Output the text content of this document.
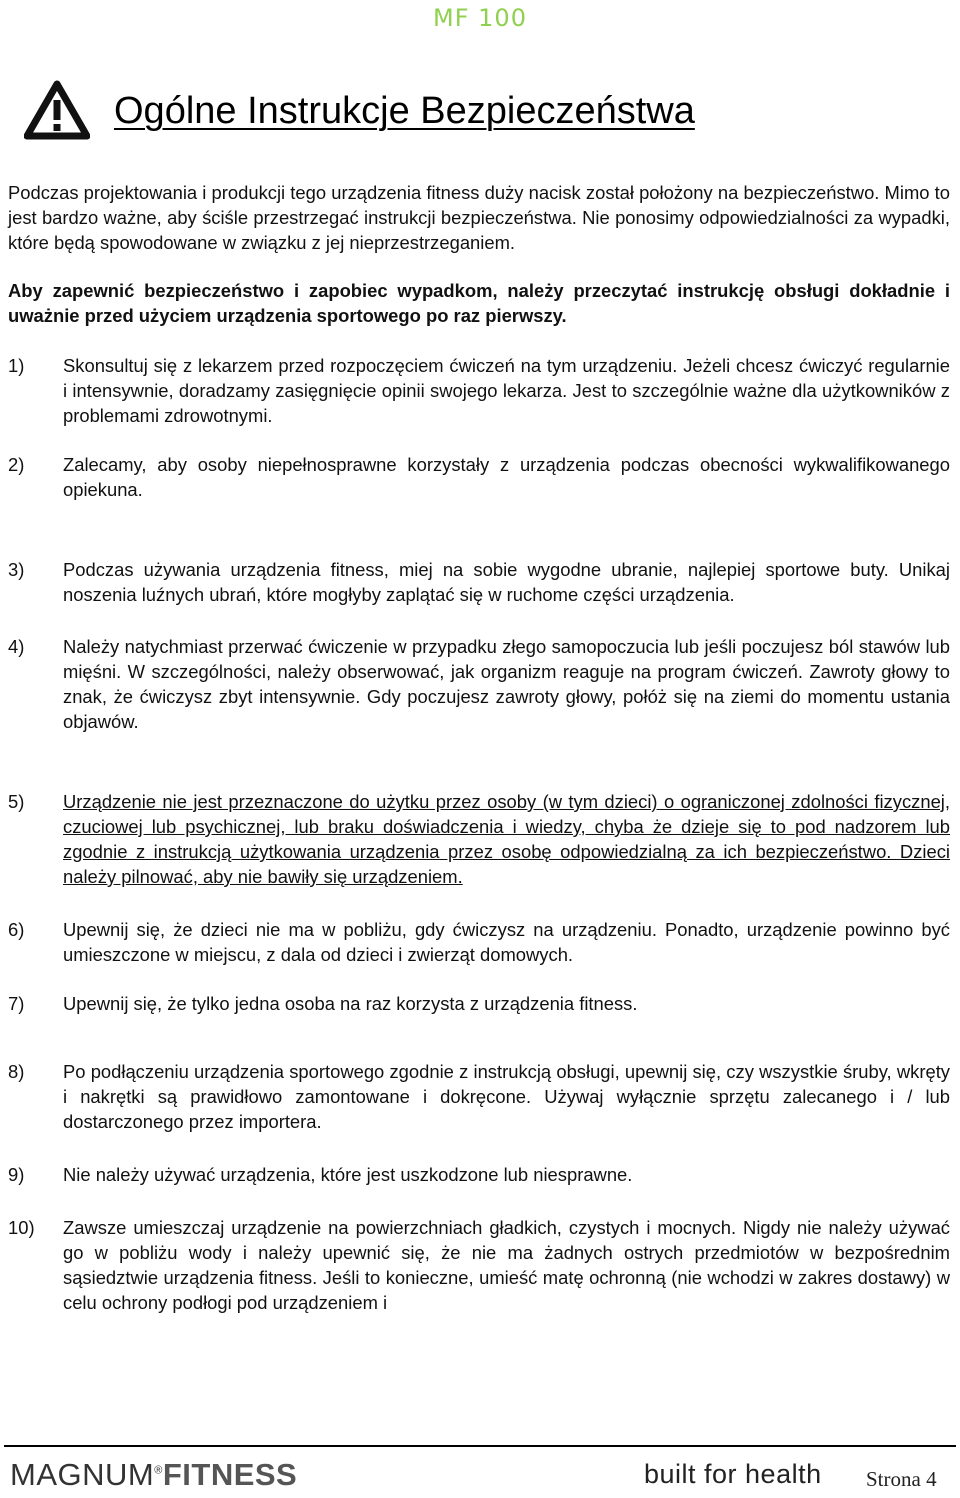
MF 100
Ogólne Instrukcje Bezpieczeństwa

Podczas projektowania i produkcji tego urządzenia fitness duży nacisk został położony na bezpieczeństwo. Mimo to jest bardzo ważne, aby ściśle przestrzegać instrukcji bezpieczeństwa. Nie ponosimy odpowiedzialności za wypadki, które będą spowodowane w związku z jej nieprzestrzeganiem.

Aby zapewnić bezpieczeństwo i zapobiec wypadkom, należy przeczytać instrukcję obsługi dokładnie i uważnie przed użyciem urządzenia sportowego po raz pierwszy.

1) Skonsultuj się z lekarzem przed rozpoczęciem ćwiczeń na tym urządzeniu. Jeżeli chcesz ćwiczyć regularnie i intensywnie, doradzamy zasięgnięcie opinii swojego lekarza. Jest to szczególnie ważne dla użytkowników z problemami zdrowotnymi.
2) Zalecamy, aby osoby niepełnosprawne korzystały z urządzenia podczas obecności wykwalifikowanego opiekuna.
3) Podczas używania urządzenia fitness, miej na sobie wygodne ubranie, najlepiej sportowe buty. Unikaj noszenia luźnych ubrań, które mogłyby zaplątać się w ruchome części urządzenia.
4) Należy natychmiast przerwać ćwiczenie w przypadku złego samopoczucia lub jeśli poczujesz ból stawów lub mięśni. W szczególności, należy obserwować, jak organizm reaguje na program ćwiczeń. Zawroty głowy to znak, że ćwiczysz zbyt intensywnie. Gdy poczujesz zawroty głowy, połóż się na ziemi do momentu ustania objawów.
5) Urządzenie nie jest przeznaczone do użytku przez osoby (w tym dzieci) o ograniczonej zdolności fizycznej, czuciowej lub psychicznej, lub braku doświadczenia i wiedzy, chyba że dzieje się to pod nadzorem lub zgodnie z instrukcją użytkowania urządzenia przez osobę odpowiedzialną za ich bezpieczeństwo. Dzieci należy pilnować, aby nie bawiły się urządzeniem.
6) Upewnij się, że dzieci nie ma w pobliżu, gdy ćwiczysz na urządzeniu. Ponadto, urządzenie powinno być umieszczone w miejscu, z dala od dzieci i zwierząt domowych.
7) Upewnij się, że tylko jedna osoba na raz korzysta z urządzenia fitness.
8) Po podłączeniu urządzenia sportowego zgodnie z instrukcją obsługi, upewnij się, czy wszystkie śruby, wkręty i nakrętki są prawidłowo zamontowane i dokręcone. Używaj wyłącznie sprzętu zalecanego i / lub dostarczonego przez importera.
9) Nie należy używać urządzenia, które jest uszkodzone lub niesprawne.
10) Zawsze umieszczaj urządzenie na powierzchniach gładkich, czystych i mocnych. Nigdy nie należy używać go w pobliżu wody i należy upewnić się, że nie ma żadnych ostrych przedmiotów w bezpośrednim sąsiedztwie urządzenia fitness. Jeśli to konieczne, umieść matę ochronną (nie wchodzi w zakres dostawy) w celu ochrony podłogi pod urządzeniem i
MAGNUM®FITNESS	built for health Strona 4
